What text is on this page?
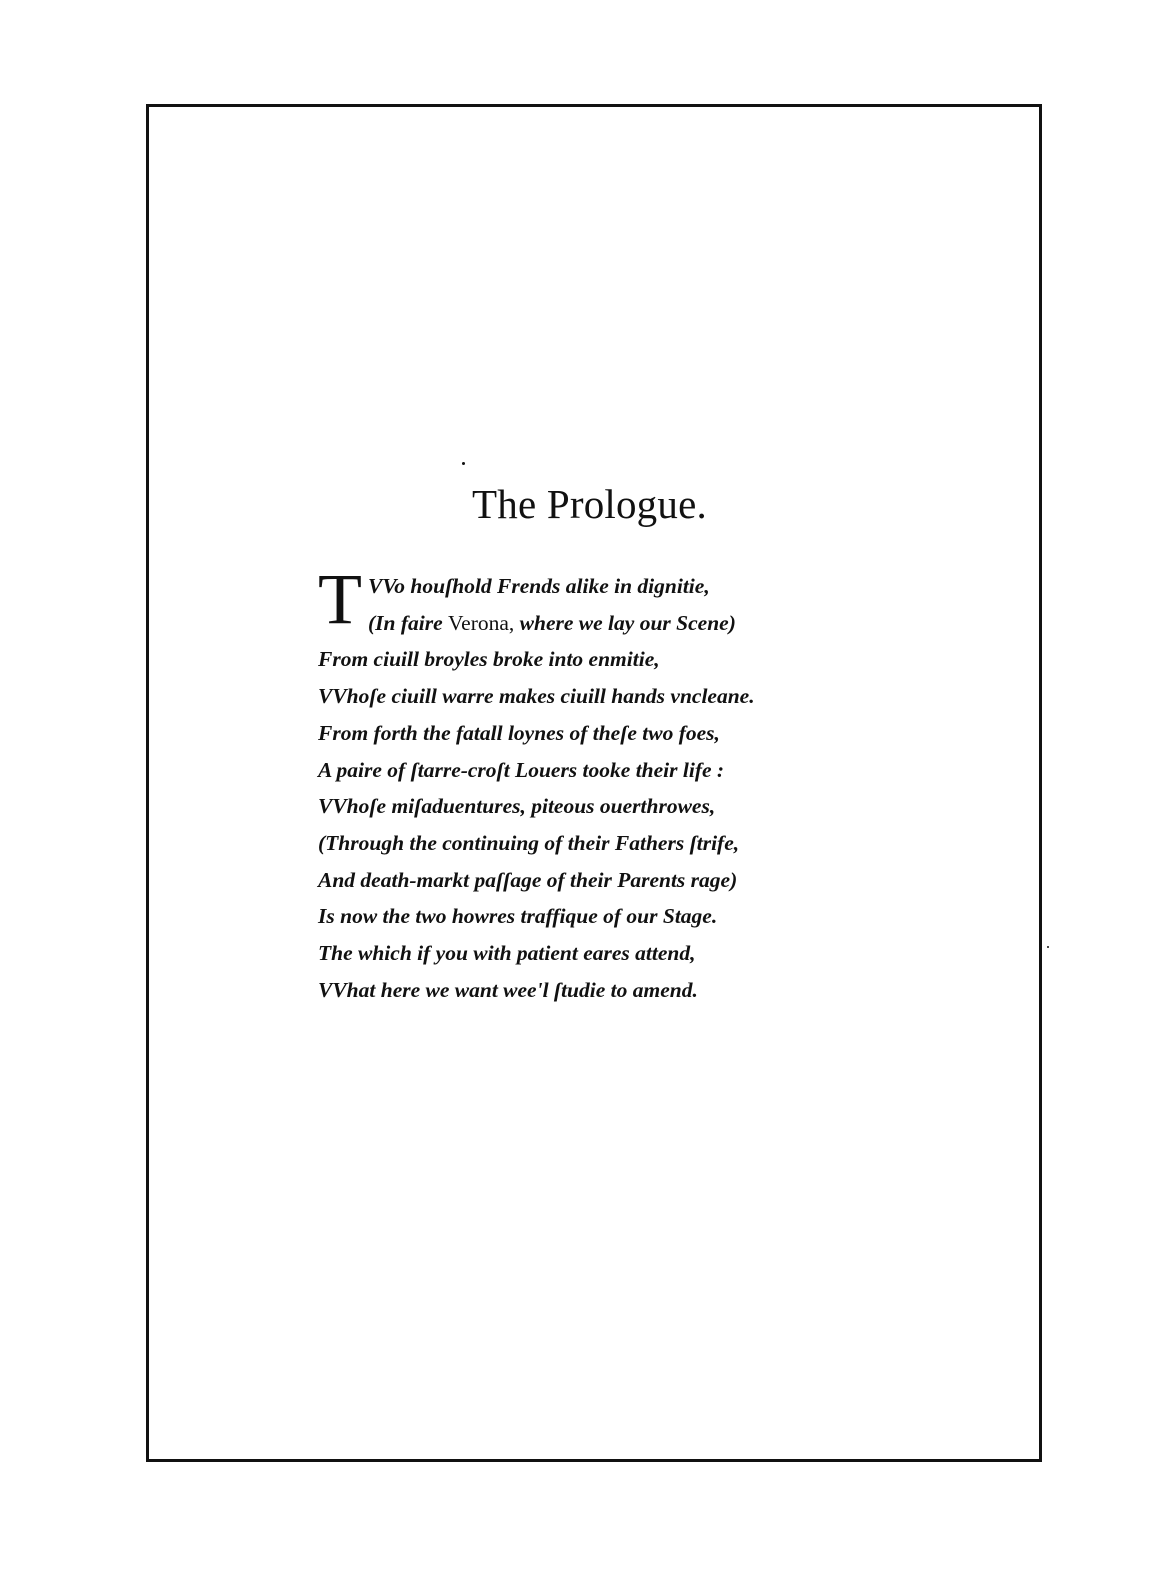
The Prologue.
T VVo houſhold Frends alike in dignitie,
(In faire Verona, where we lay our Scene)
From ciuill broyles broke into enmitie,
VVhoſe ciuill warre makes ciuill hands vncleane.
From forth the fatall loynes of theſe two foes,
A paire of ſtarre-croſt Louers tooke their life :
VVhoſe miſaduentures, piteous ouerthrowes,
(Through the continuing of their Fathers ſtrife,
And death-markt paſſage of their Parents rage)
Is now the two howres traffique of our Stage.
The which if you with patient eares attend,
VVhat here we want wee'l ſtudie to amend.
